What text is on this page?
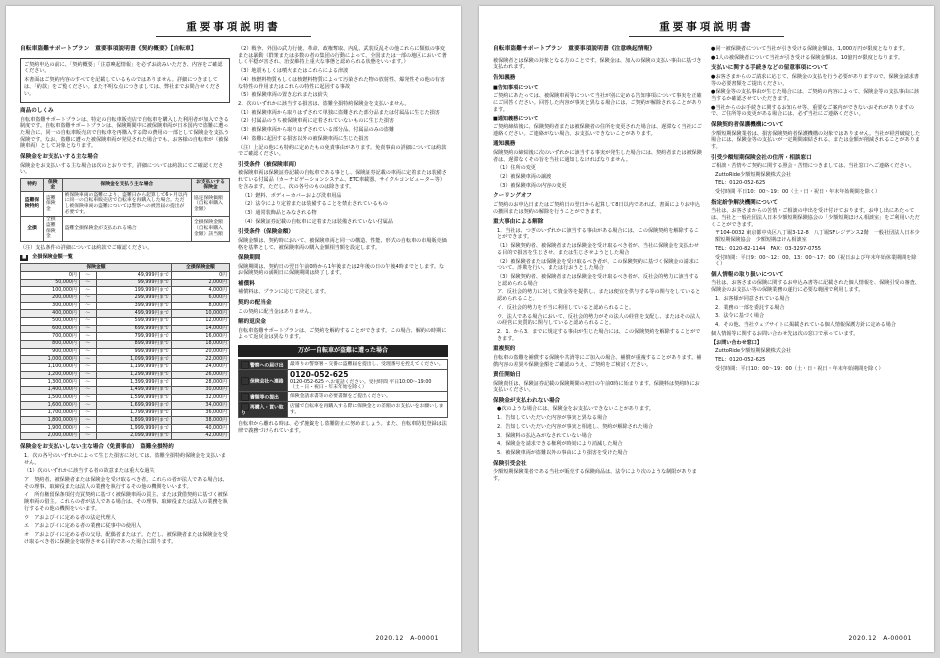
重要事項説明書
自転車盗難サポートプラン　重要事項説明書《契約概要》【自転車】

ご契約申込の前に、「契約概要」「注意喚起情報」を必ずお読みいただき、内容をご確認ください。

本書面はご契約内容のすべてを記載しているものではありません。詳細につきましては、「約款」をご覧ください。また不明な点につきましては、弊社までお問合せください。

商品のしくみ

自転車盗難サポートプランは、特定の自転車販売店で自転車を購入した利用者が加入できる制度です。自転車盗難サポートプランは、保険期間中に被保険車両が日本国内で盗難に遭った場合に、同一の自転車販売店で自転車を再購入する際の費用の一部として保険金を支払う保険です。なお、盗難に遭った被保険車両が発見された場合でも、お客様の自転車が（被保険車両）として対象となります。

保険金をお支払いする主な場合

保険金をお支払いする主な場合は次のとおりです。詳細については約款にてご確認ください。

特約	保険金	保険金を支払う主な場合	お支払いする保険金
盗難保険特約	盗難保険金	被保険車両の盗難により、盗難日から起算して6ヶ月以内に同一の自転車販売店で自転車を再購入した場合。ただし被保険車両の盗難については警察への被害届の提出が必要です。	協定保険価額（自転車購入金額）
全損	全損盗難保険金	盗難全損保険金が支払われる場合	全損保険金額（自転車購入金額）該当額

（注）支払条件の詳細については約款でご確認ください。

■ 全損保険金額一覧
保険金額			全損保険金額
0円	〜	49,999円まで	0円
50,000円	〜	99,999円まで	2,000円
100,000円	〜	199,999円まで	4,000円
200,000円	〜	299,999円まで	6,000円
300,000円	〜	399,999円まで	8,000円
400,000円	〜	499,999円まで	10,000円
500,000円	〜	599,999円まで	12,000円
600,000円	〜	699,999円まで	14,000円
700,000円	〜	799,999円まで	16,000円
800,000円	〜	899,999円まで	18,000円
900,000円	〜	999,999円まで	20,000円
1,000,000円	〜	1,099,999円まで	22,000円
1,100,000円	〜	1,199,999円まで	24,000円
1,200,000円	〜	1,299,999円まで	26,000円
1,300,000円	〜	1,399,999円まで	28,000円
1,400,000円	〜	1,499,999円まで	30,000円
1,500,000円	〜	1,599,999円まで	32,000円
1,600,000円	〜	1,699,999円まで	34,000円
1,700,000円	〜	1,799,999円まで	36,000円
1,800,000円	〜	1,899,999円まで	38,000円
1,900,000円	〜	1,999,999円まで	40,000円
2,000,000円	〜	2,099,999円まで	42,000円
保険金をお支払いしない主な場合（免責事由）　盗難全損特約

1．次の各号のいずれかによって生じた損害に対しては、盗難全損特約保険金を支払いません。

（1）次のいずれかに該当する者の故意または重大な過失

ア　契約者、被保険者または保険金を受け取るべき者。これらの者が法人である場合は、その理事、取締役または法人の業務を執行するその他の機関をいいます。

イ　所有権留保条項付売買契約に基づく被保険車両の買主、または貸借契約に基づく被保険車両の借主。これらの者が法人である場合は、その理事、取締役または法人の業務を執行するその他の機関をいいます。

ウ　アおよびイに定める者の法定代理人

エ　アおよびイに定める者の業務に従事中の使用人

オ　アおよびイに定める者の父母、配偶者または子。ただし、被保険者または保険金を受け取るべき者に保険金を取得させる目的であった場合に限ります。

（2）戦争、外国の武力行使、革命、政権奪取、内乱、武装反乱その他これらに類似の事変または暴動（群衆または多数の者の集団の行動によって、全国または一部の地区において著しく平穏が害され、治安維持上重大な事態と認められる状態をいいます。）

（3）地震もしくは噴火またはこれらによる津波

（4）核燃料物質もしくは核燃料物質によって汚染された物の放射性、爆発性その他の有害な特性の作用またはこれらの特性に起因する事故

（5）被保険車両の置き忘れまたは紛失

2．次のいずれかに該当する損害は、盗難全損特約保険金を支払いません。

（1）被保険車両から取りはずされて単独に盗難された部分品または付属品に生じた損害

（2）付属品のうち被保険車両に定着されていないものに生じた損害

（3）被保険車両から取りはずされている部分品、付属品のみの盗難

（4）盗難に起因する損害以外の被保険車両に生じた損害

（注）上記の他にも特約に定めたもの免責事由があります。免責事由の詳細については約款でご確認ください。

引受条件（被保険車両）

被保険車両は保険証券記載の自転車である事とし、保険証券記載の車両に定着または装備されている付属品（カーナビゲーションシステム、ETC車載器、サイクルコンピューター等）を含みます。ただし、次の各号のものは除きます。

（1）燃料、ボディーカバーおよび洗車用品

（2）法令により定着または装備することを禁止されているもの

（3）通常装飾品とみなされる物

（4）保険証券記載の自転車に定着または装備されていない付属品

引受条件（保険金額）

保険金額は、契約時において、被保険車両と同一の構造、性能、形式の自転車の市場販売価格を基準として、被保険車両の購入金額相当額を設定します。

保険期間

保険期間は、契約日の翌日午前0時から1年後または2年後の日の午後4時までとします。なお保険契約の満期日に保険期間は終了します。

補償料

補償料は、プランに応じて決定します。

契約の配当金

この契約に配当金はありません。

解約返戻金

自転車盗難サポートプランは、ご契約を解約することができます。この場合、解約の時期によって返戻金は異なります。

万が一自転車が盗難に遭った場合
警察への届け出	最寄りの警察署・交番に盗難届を提出し、受理番号を控えてください。
保険会社へ連絡	0120-052-625
0120-052-625 へお電話ください。受付時間 平日10:00〜19:00（土・日・祝日・年末年始を除く）
書類等の提出	保険金請求書等の必要書類をご提出ください。
再購入・買い取り	店舗で自転車を再購入する際に保険金との差額のお支払いをお願いします。

自転車から離れる時は、必ず施錠をし盗難防止に努めましょう。また、自転車防犯登録は法律で義務づけられています。

2020.12　A-00001
重要事項説明書
自転車盗難サポートプラン　重要事項説明書《注意喚起情報》

被保険者とは保険の対象となる方のことです。保険金は、加入の保険の支払い事由に基づき支払われます。

告知義務
■告知事項について

ご契約にあたっては、被保険車両等について当社が別に定める告知事項について事実を正確にご回答ください。回答した内容が事実と異なる場合には、ご契約が解除されることがあります。

■通知義務について

ご契約締結後に、保険契約者または被保険者の住所を変更された場合は、遅滞なく当社にご連絡ください。ご連絡がない場合、お支払いできないことがあります。

通知義務

保険契約の締結後に次のいずれかに該当する事実が発生した場合には、契約者または被保険者は、遅滞なくその旨を当社に通知しなければなりません。

（1）住所の変更

（2）被保険車両の譲渡

（3）被保険車両の内容の変更

クーリングオフ

ご契約のお申込日またはご契約日の翌日から起算して8日以内であれば、書面によりお申込の撤回または契約の解除を行うことができます。

重大事由による解除

1．当社は、つぎのいずれかに該当する事由がある場合には、この保険契約を解除することができます。

（1）保険契約者、被保険者または保険金を受け取るべき者が、当社に保険金を支払わせる目的で損害を生じさせ、または生じさせようとした場合

（2）被保険者または保険金を受け取るべき者が、この保険契約に基づく保険金の請求について、詐欺を行い、または行おうとした場合

（3）保険契約者、被保険者または保険金を受け取るべき者が、反社会的勢力に該当すると認められる場合

ア．反社会的勢力に対して資金等を提供し、または便宜を供与する等の関与をしていると認められること。

イ．反社会的勢力を不当に利用していると認められること。

ウ．法人である場合において、反社会的勢力がその法人の経営を支配し、またはその法人の経営に実質的に関与していると認められること。

2．1．から3．までに規定する事由が生じた場合には、この保険契約を解除することができます。

重複契約

自転車の盗難を補償する保険や共済等にご加入の場合、補償が重複することがあります。補償内容の差異や保険金額をご確認のうえ、ご契約をご検討ください。

責任開始日

保険責任は、保険証券記載の保険期間の初日の午前0時に始まります。保険料は契約時にお支払いください。

保険金が支払われない場合

●次のような場合には、保険金をお支払いできないことがあります。

1．告知していただいた内容が事実と異なる場合

2．告知していただいた内容が事実と相違し、契約が解除された場合

3．保険料の払込みがなされていない場合

4．保険金を請求できる権利が時効により消滅した場合

5．被保険車両が盗難以外の事由により損害を受けた場合

保険引受会社

少額短期保険業者である当社が販売する保険商品は、法令により次のような制限があります。

●同一被保険者について当社が引き受ける保険金額は、1,000万円が限度となります。

●1人の被保険者について当社が引き受ける保険金額は、10億円が限度となります。

支払いに関する手続きなどの留意事項について

●お客さまからのご請求に応じて、保険金の支払を行う必要がありますので、保険金請求書等の必要書類をご提出ください。

●保険金等の支払事由が生じた場合には、ご契約の内容によって、保険金等の支払事由に該当するか確認させていただきます。

●当社からのお手続きに関するお知らせ等、重要なご案内ができないおそれがありますので、ご住所等の変更がある場合には、必ず当社にご連絡ください。

保険契約者保護機構について

少額短期保険業者は、損害保険契約者保護機構の対象ではありません。当社が経営破綻した場合には、保険金等の支払いが一定期間凍結される、または金額が削減されることがあります。

引受少額短期保険会社の住所・相談窓口

ご相談・苦情やご契約に関する照会・苦情につきましては、当社窓口へご連絡ください。

ZuttoRide少額短期保険株式会社

TEL：0120-052-625

受付時間 平日10：00〜19：00（土・日・祝日・年末年始期間を除く）

指定紛争解決機関について

当社は、お客さまからの苦情・ご相談の申出を受け付けております。お申し出にあたっては、当社と一般社団法人日本少額短期保険協会の「少額短期ほけん相談室」をご利用いただくことができます。

〒104-0032 東京都中央区八丁堀3-12-8　八丁堀SFレジデンス2階　一般社団法人日本少額短期保険協会　少額短期ほけん相談室

TEL：0120-82-1144　FAX：03-3297-0755

受付時間：平日9：00〜12：00、13：00〜17：00（祝日および年末年始休業期間を除く）

個人情報の取り扱いについて

当社は、お客さまの保険に関するお申込み書等に記載された個人情報を、保険引受の審査、保険金のお支払い等の保険業務の遂行に必要な範囲で利用します。

1．お客様が同意されている場合

2．業務の一部を委託する場合

3．法令に基づく場合

4．その他、当社ウェブサイトに掲載されている個人情報保護方針に定める場合

個人情報等に関するお問い合わせ先は次の窓口で承っています。

【お問い合わせ窓口】

ZuttoRide少額短期保険株式会社

TEL：0120-052-625

受付時間：平日10：00〜19：00（土・日・祝日・年末年始期間を除く）

2020.12　A-00001
